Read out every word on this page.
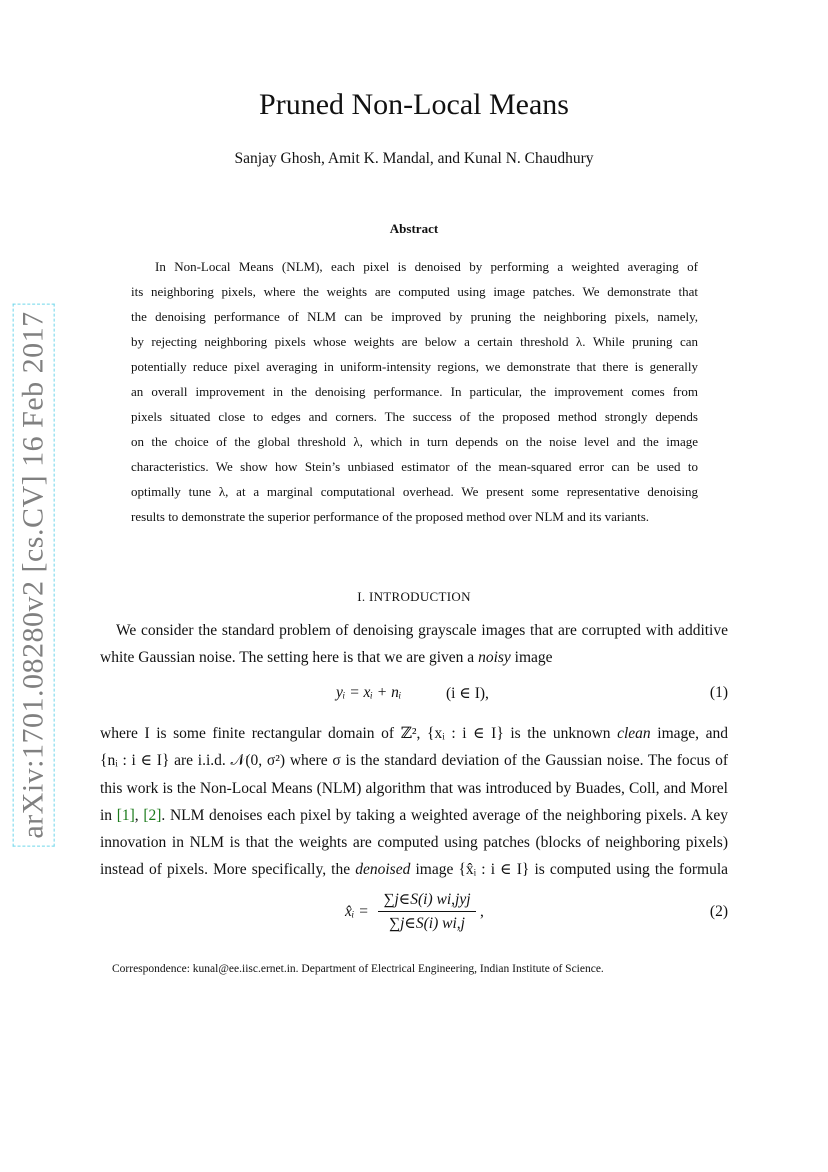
arXiv:1701.08280v2 [cs.CV] 16 Feb 2017
Pruned Non-Local Means
Sanjay Ghosh, Amit K. Mandal, and Kunal N. Chaudhury
Abstract
In Non-Local Means (NLM), each pixel is denoised by performing a weighted averaging of
its neighboring pixels, where the weights are computed using image patches. We demonstrate that
the denoising performance of NLM can be improved by pruning the neighboring pixels, namely,
by rejecting neighboring pixels whose weights are below a certain threshold λ. While pruning can
potentially reduce pixel averaging in uniform-intensity regions, we demonstrate that there is generally
an overall improvement in the denoising performance. In particular, the improvement comes from
pixels situated close to edges and corners. The success of the proposed method strongly depends
on the choice of the global threshold λ, which in turn depends on the noise level and the image
characteristics. We show how Stein’s unbiased estimator of the mean-squared error can be used to
optimally tune λ, at a marginal computational overhead. We present some representative denoising
results to demonstrate the superior performance of the proposed method over NLM and its variants.
I. INTRODUCTION
We consider the standard problem of denoising grayscale images that are corrupted with additive
white Gaussian noise. The setting here is that we are given a noisy image
yᵢ = xᵢ + nᵢ	(i ∈ I),	(1)
where I is some finite rectangular domain of ℤ², {xᵢ : i ∈ I} is the unknown clean image, and
{nᵢ : i ∈ I} are i.i.d. 𝒩(0, σ²) where σ is the standard deviation of the Gaussian noise. The focus of
this work is the Non-Local Means (NLM) algorithm that was introduced by Buades, Coll, and Morel
in [1], [2]. NLM denoises each pixel by taking a weighted average of the neighboring pixels. A key
innovation in NLM is that the weights are computed using patches (blocks of neighboring pixels)
instead of pixels. More specifically, the denoised image {x̂ᵢ : i ∈ I} is computed using the formula
x̂ᵢ =
∑j∈S(i) wi,jyj
∑j∈S(i) wi,j
,	(2)
Correspondence: kunal@ee.iisc.ernet.in. Department of Electrical Engineering, Indian Institute of Science.
